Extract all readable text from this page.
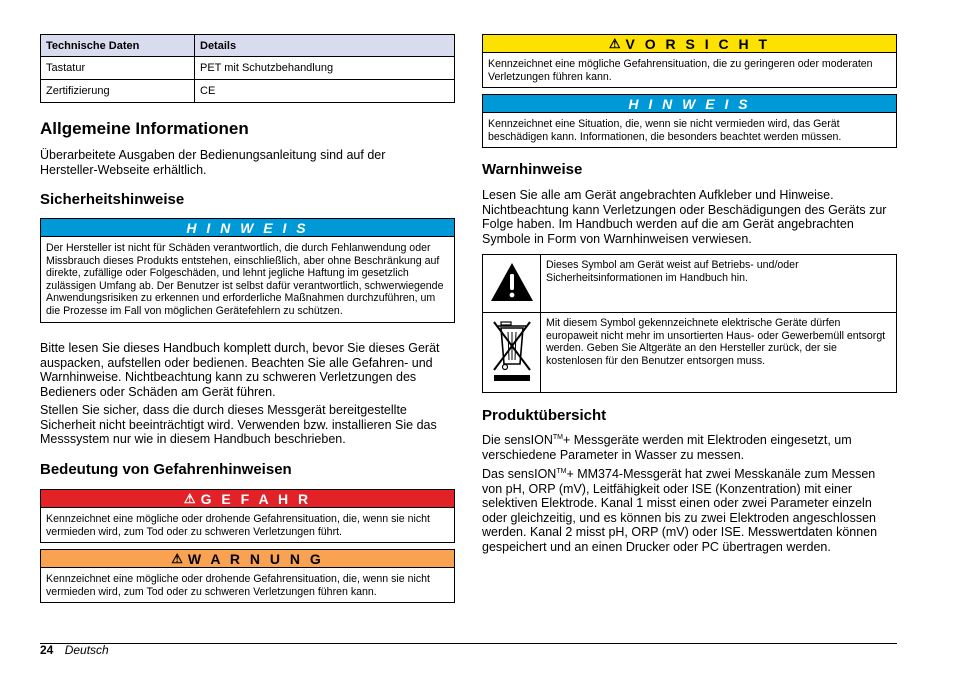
Technische Daten	Details
Tastatur	PET mit Schutzbehandlung
Zertifizierung	CE
Allgemeine Informationen

Überarbeitete Ausgaben der Bedienungsanleitung sind auf der Hersteller-Webseite erhältlich.

Sicherheitshinweise
H I N W E I S
Der Hersteller ist nicht für Schäden verantwortlich, die durch Fehlanwendung oder Missbrauch dieses Produkts entstehen, einschließlich, aber ohne Beschränkung auf direkte, zufällige oder Folgeschäden, und lehnt jegliche Haftung im gesetzlich zulässigen Umfang ab. Der Benutzer ist selbst dafür verantwortlich, schwerwiegende Anwendungsrisiken zu erkennen und erforderliche Maßnahmen durchzuführen, um die Prozesse im Fall von möglichen Gerätefehlern zu schützen.

Bitte lesen Sie dieses Handbuch komplett durch, bevor Sie dieses Gerät auspacken, aufstellen oder bedienen. Beachten Sie alle Gefahren- und Warnhinweise. Nichtbeachtung kann zu schweren Verletzungen des Bedieners oder Schäden am Gerät führen.

Stellen Sie sicher, dass die durch dieses Messgerät bereitgestellte Sicherheit nicht beeinträchtigt wird. Verwenden bzw. installieren Sie das Messsystem nur wie in diesem Handbuch beschrieben.

Bedeutung von Gefahrenhinweisen
⚠ G E F A H R
Kennzeichnet eine mögliche oder drohende Gefahrensituation, die, wenn sie nicht vermieden wird, zum Tod oder zu schweren Verletzungen führt.
⚠ W A R N U N G
Kennzeichnet eine mögliche oder drohende Gefahrensituation, die, wenn sie nicht vermieden wird, zum Tod oder zu schweren Verletzungen führen kann.
⚠ V O R S I C H T
Kennzeichnet eine mögliche Gefahrensituation, die zu geringeren oder moderaten Verletzungen führen kann.
H I N W E I S
Kennzeichnet eine Situation, die, wenn sie nicht vermieden wird, das Gerät beschädigen kann. Informationen, die besonders beachtet werden müssen.
Warnhinweise

Lesen Sie alle am Gerät angebrachten Aufkleber und Hinweise. Nichtbeachtung kann Verletzungen oder Beschädigungen des Geräts zur Folge haben. Im Handbuch werden auf die am Gerät angebrachten Symbole in Form von Warnhinweisen verwiesen.

	Dieses Symbol am Gerät weist auf Betriebs- und/oder Sicherheitsinformationen im Handbuch hin.
	Mit diesem Symbol gekennzeichnete elektrische Geräte dürfen europaweit nicht mehr im unsortierten Haus- oder Gewerbemüll entsorgt werden. Geben Sie Altgeräte an den Hersteller zurück, der sie kostenlosen für den Benutzer entsorgen muss.
Produktübersicht

Die sensION™+ Messgeräte werden mit Elektroden eingesetzt, um verschiedene Parameter in Wasser zu messen.

Das sensION™+ MM374-Messgerät hat zwei Messkanäle zum Messen von pH, ORP (mV), Leitfähigkeit oder ISE (Konzentration) mit einer selektiven Elektrode. Kanal 1 misst einen oder zwei Parameter einzeln oder gleichzeitig, und es können bis zu zwei Elektroden angeschlossen werden. Kanal 2 misst pH, ORP (mV) oder ISE. Messwertdaten können gespeichert und an einen Drucker oder PC übertragen werden.

24 Deutsch
